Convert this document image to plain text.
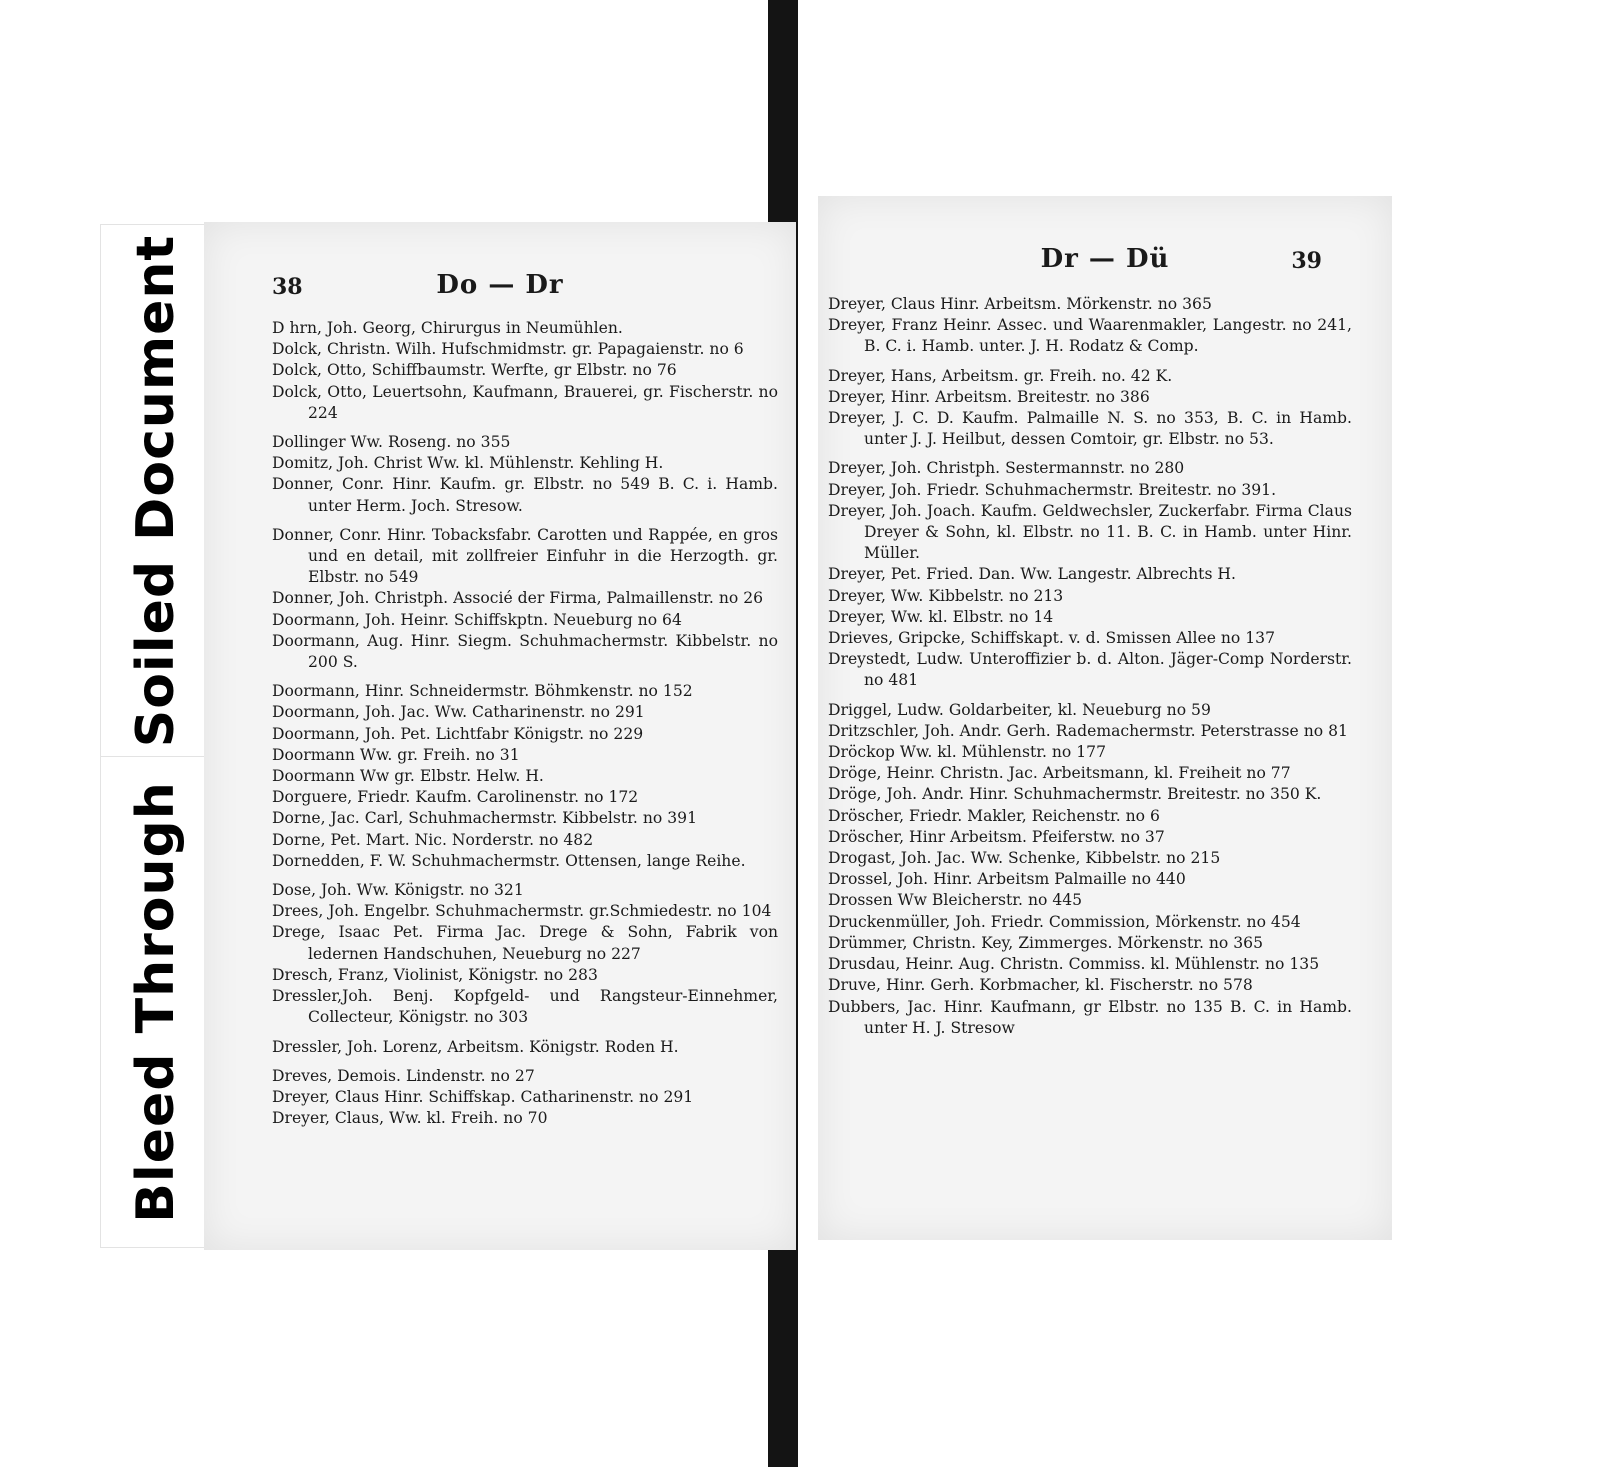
Soiled Document
Bleed Through
38	Do — Dr
D hrn, Joh. Georg, Chirurgus in Neumühlen.
Dolck, Christn. Wilh. Hufschmidmstr. gr. Papagaienstr. no 6
Dolck, Otto, Schiffbaumstr. Werfte, gr Elbstr. no 76
Dolck, Otto, Leuertsohn, Kaufmann, Brauerei, gr. Fischerstr. no 224
Dollinger Ww. Roseng. no 355
Domitz, Joh. Christ Ww. kl. Mühlenstr. Kehling H.
Donner, Conr. Hinr. Kaufm. gr. Elbstr. no 549 B. C. i. Hamb. unter Herm. Joch. Stresow.
Donner, Conr. Hinr. Tobacksfabr. Carotten und Rappée, en gros und en detail, mit zollfreier Einfuhr in die Herzogth. gr. Elbstr. no 549
Donner, Joh. Christph. Associé der Firma, Palmaillenstr. no 26
Doormann, Joh. Heinr. Schiffskptn. Neueburg no 64
Doormann, Aug. Hinr. Siegm. Schuhmachermstr. Kibbelstr. no 200 S.
Doormann, Hinr. Schneidermstr. Böhmkenstr. no 152
Doormann, Joh. Jac. Ww. Catharinenstr. no 291
Doormann, Joh. Pet. Lichtfabr Königstr. no 229
Doormann Ww. gr. Freih. no 31
Doormann Ww gr. Elbstr. Helw. H.
Dorguere, Friedr. Kaufm. Carolinenstr. no 172
Dorne, Jac. Carl, Schuhmachermstr. Kibbelstr. no 391
Dorne, Pet. Mart. Nic. Norderstr. no 482
Dornedden, F. W. Schuhmachermstr. Ottensen, lange Reihe.
Dose, Joh. Ww. Königstr. no 321
Drees, Joh. Engelbr. Schuhmachermstr. gr.Schmiedestr. no 104
Drege, Isaac Pet. Firma Jac. Drege & Sohn, Fabrik von ledernen Handschuhen, Neueburg no 227
Dresch, Franz, Violinist, Königstr. no 283
Dressler,Joh. Benj. Kopfgeld- und Rangsteur-Einnehmer, Collecteur, Königstr. no 303
Dressler, Joh. Lorenz, Arbeitsm. Königstr. Roden H.
Dreves, Demois. Lindenstr. no 27
Dreyer, Claus Hinr. Schiffskap. Catharinenstr. no 291
Dreyer, Claus, Ww. kl. Freih. no 70
Dr — Dü	39
Dreyer, Claus Hinr. Arbeitsm. Mörkenstr. no 365
Dreyer, Franz Heinr. Assec. und Waarenmakler, Langestr. no 241, B. C. i. Hamb. unter. J. H. Rodatz & Comp.
Dreyer, Hans, Arbeitsm. gr. Freih. no. 42 K.
Dreyer, Hinr. Arbeitsm. Breitestr. no 386
Dreyer, J. C. D. Kaufm. Palmaille N. S. no 353, B. C. in Hamb. unter J. J. Heilbut, dessen Comtoir, gr. Elbstr. no 53.
Dreyer, Joh. Christph. Sestermannstr. no 280
Dreyer, Joh. Friedr. Schuhmachermstr. Breitestr. no 391.
Dreyer, Joh. Joach. Kaufm. Geldwechsler, Zuckerfabr. Firma Claus Dreyer & Sohn, kl. Elbstr. no 11. B. C. in Hamb. unter Hinr. Müller.
Dreyer, Pet. Fried. Dan. Ww. Langestr. Albrechts H.
Dreyer, Ww. Kibbelstr. no 213
Dreyer, Ww. kl. Elbstr. no 14
Drieves, Gripcke, Schiffskapt. v. d. Smissen Allee no 137
Dreystedt, Ludw. Unteroffizier b. d. Alton. Jäger-Comp Norderstr. no 481
Driggel, Ludw. Goldarbeiter, kl. Neueburg no 59
Dritzschler, Joh. Andr. Gerh. Rademachermstr. Peterstrasse no 81
Dröckop Ww. kl. Mühlenstr. no 177
Dröge, Heinr. Christn. Jac. Arbeitsmann, kl. Freiheit no 77
Dröge, Joh. Andr. Hinr. Schuhmachermstr. Breitestr. no 350 K.
Dröscher, Friedr. Makler, Reichenstr. no 6
Dröscher, Hinr Arbeitsm. Pfeiferstw. no 37
Drogast, Joh. Jac. Ww. Schenke, Kibbelstr. no 215
Drossel, Joh. Hinr. Arbeitsm Palmaille no 440
Drossen Ww Bleicherstr. no 445
Druckenmüller, Joh. Friedr. Commission, Mörkenstr. no 454
Drümmer, Christn. Key, Zimmerges. Mörkenstr. no 365
Drusdau, Heinr. Aug. Christn. Commiss. kl. Mühlenstr. no 135
Druve, Hinr. Gerh. Korbmacher, kl. Fischerstr. no 578
Dubbers, Jac. Hinr. Kaufmann, gr Elbstr. no 135 B. C. in Hamb. unter H. J. Stresow
